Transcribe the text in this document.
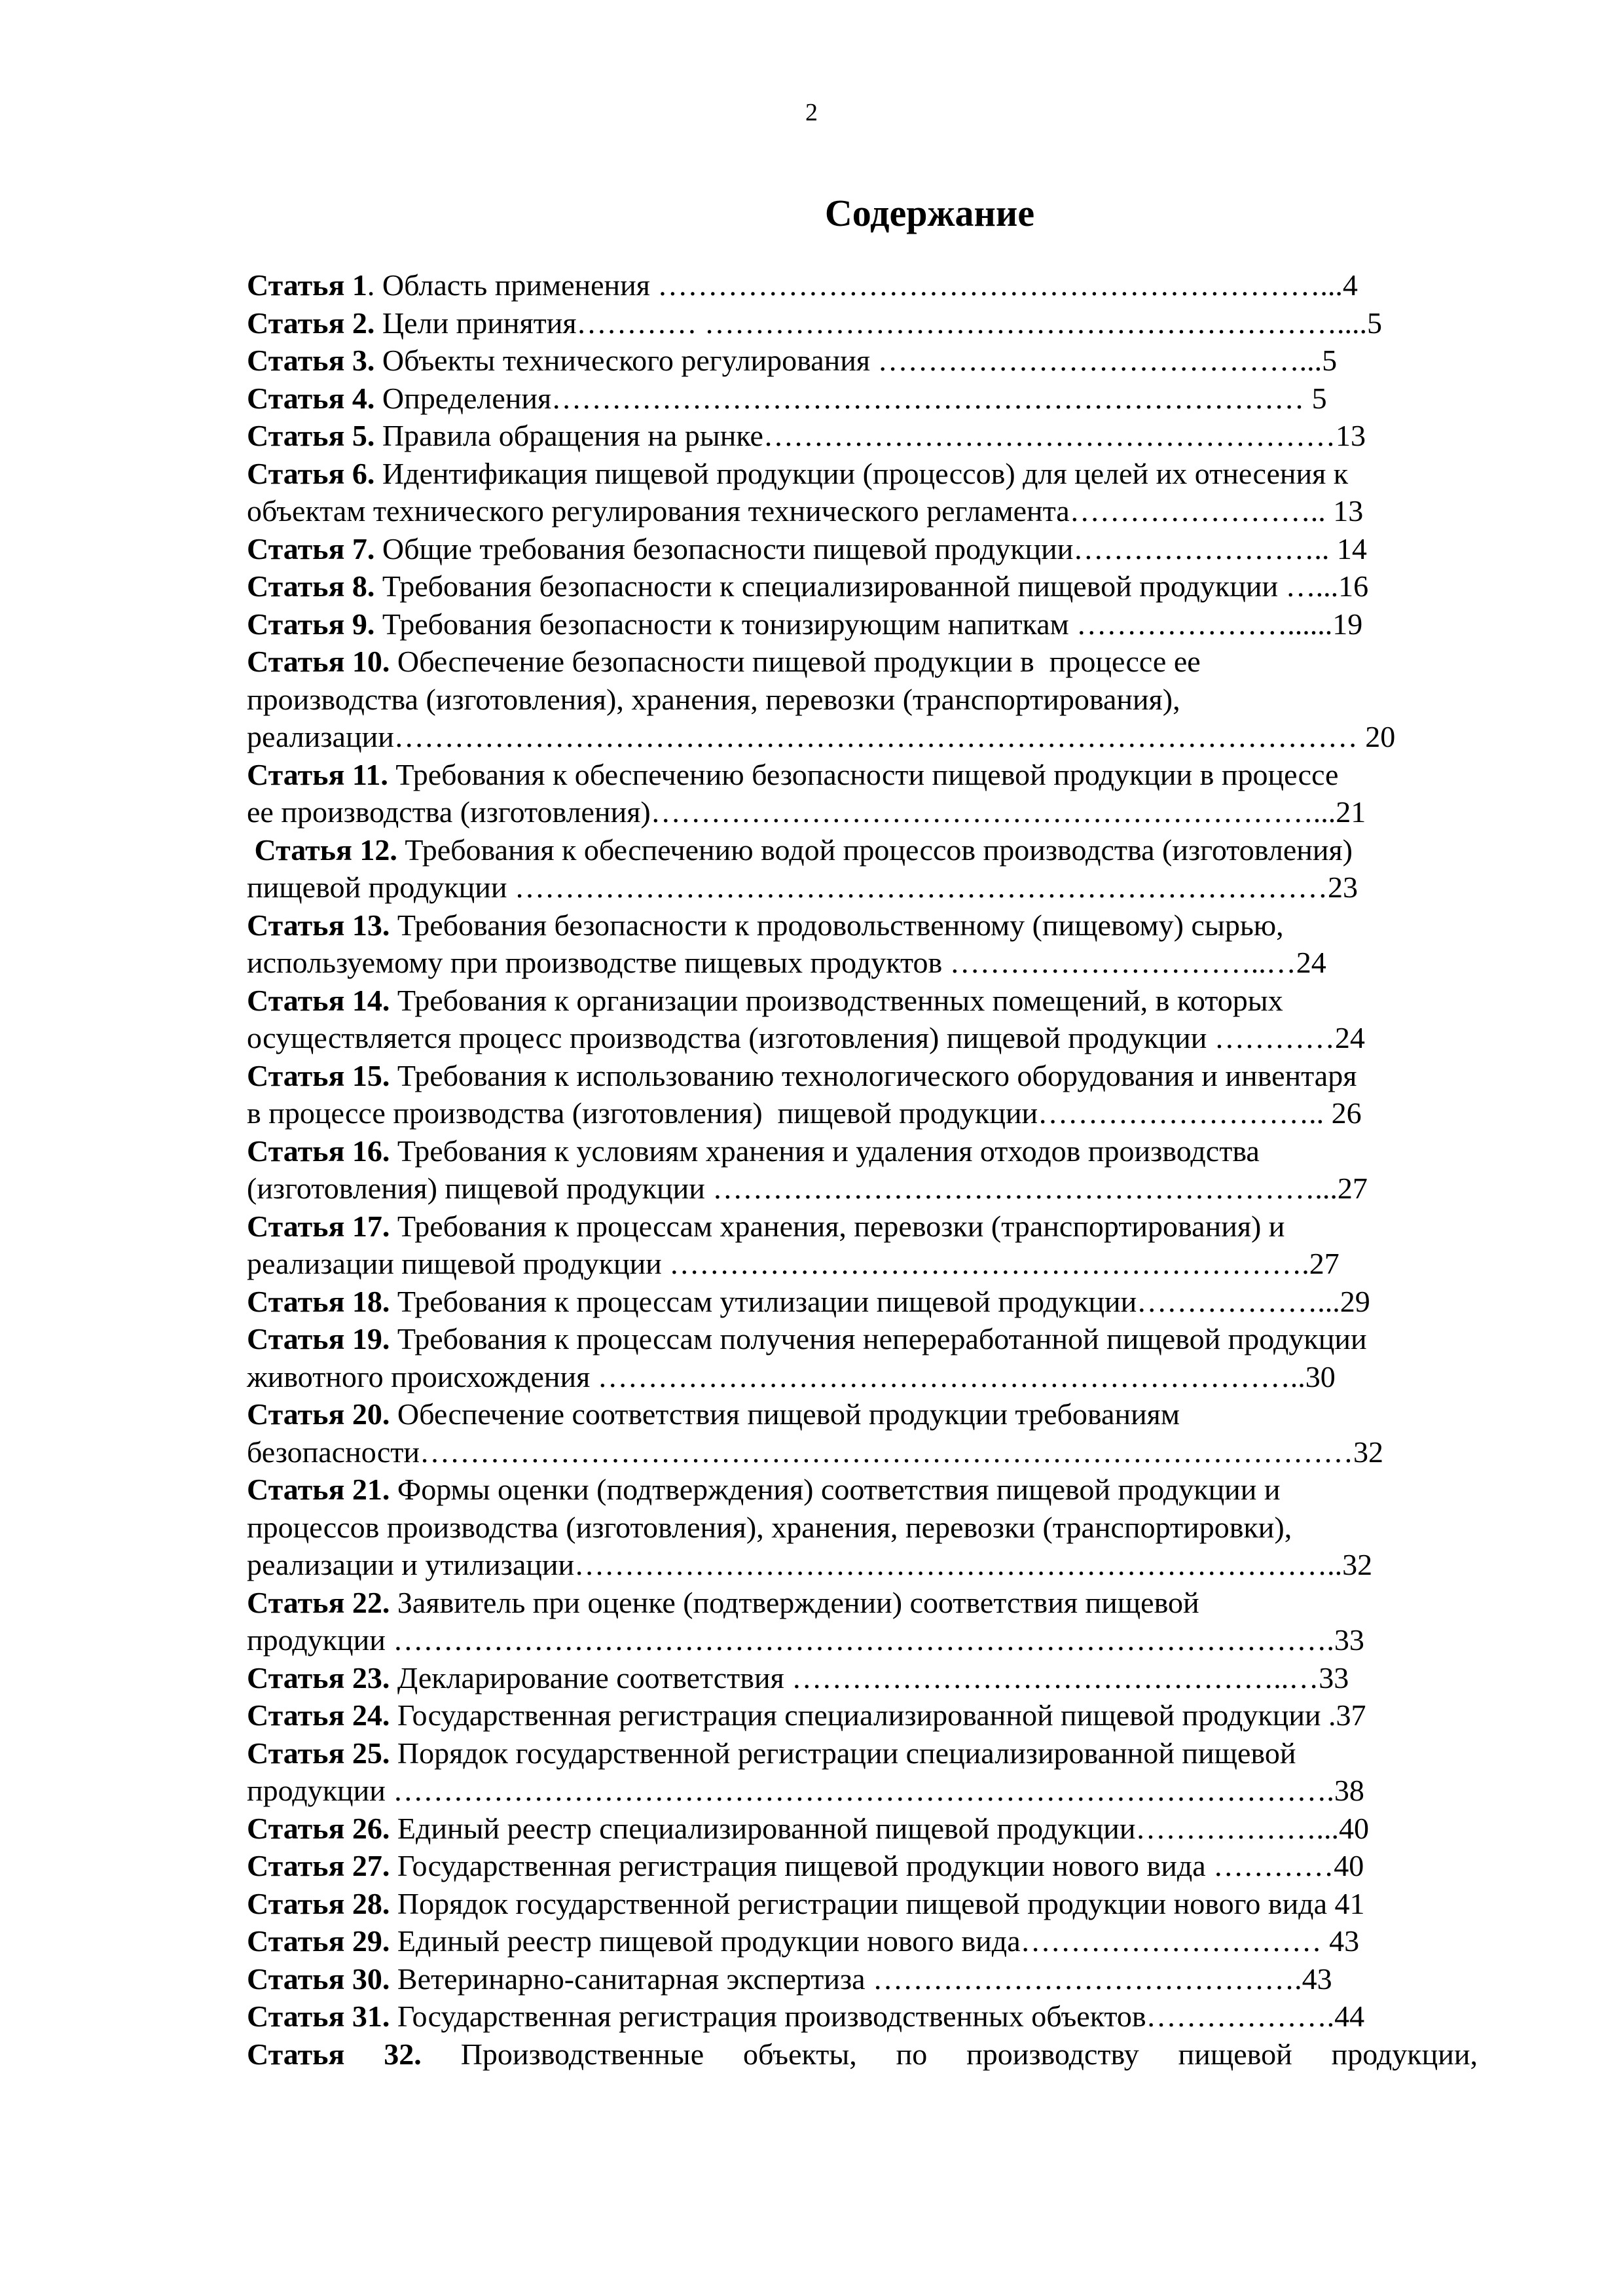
2
Содержание
Статья 1. Область применения …………………………………………………………...4
Статья 2. Цели принятия………… ………………………………………………………....5
Статья 3. Объекты технического регулирования ……………………………………...5
Статья 4. Определения………………………………………………………………… 5
Статья 5. Правила обращения на рынке…………………………………………………13
Статья 6. Идентификация пищевой продукции (процессов) для целей их отнесения к
объектам технического регулирования технического регламента…………………….. 13
Статья 7. Общие требования безопасности пищевой продукции…………………….. 14
Статья 8. Требования безопасности к специализированной пищевой продукции …...16
Статья 9. Требования безопасности к тонизирующим напиткам …………………......19
Статья 10. Обеспечение безопасности пищевой продукции в  процессе ее
производства (изготовления), хранения, перевозки (транспортирования),
реализации…………………………………………………………………………………… 20
Статья 11. Требования к обеспечению безопасности пищевой продукции в процессе
ее производства (изготовления)…………………………………………………………...21
Статья 12. Требования к обеспечению водой процессов производства (изготовления)
пищевой продукции ………………………………………………………………………23
Статья 13. Требования безопасности к продовольственному (пищевому) сырью,
используемому при производстве пищевых продуктов …………………………..…24
Статья 14. Требования к организации производственных помещений, в которых
осуществляется процесс производства (изготовления) пищевой продукции …………24
Статья 15. Требования к использованию технологического оборудования и инвентаря
в процессе производства (изготовления)  пищевой продукции……………………….. 26
Статья 16. Требования к условиям хранения и удаления отходов производства
(изготовления) пищевой продукции ……………………………………………………...27
Статья 17. Требования к процессам хранения, перевозки (транспортирования) и
реализации пищевой продукции ……………………………………………………….27
Статья 18. Требования к процессам утилизации пищевой продукции………………...29
Статья 19. Требования к процессам получения непереработанной пищевой продукции
животного происхождения ……………………………………………………………..30
Статья 20. Обеспечение соответствия пищевой продукции требованиям
безопасности…………………………………………………………………………………32
Статья 21. Формы оценки (подтверждения) соответствия пищевой продукции и
процессов производства (изготовления), хранения, перевозки (транспортировки),
реализации и утилизации…………………………………………………………………..32
Статья 22. Заявитель при оценке (подтверждении) соответствия пищевой
продукции ………………………………………………………………………………….33
Статья 23. Декларирование соответствия …………………………………………..…33
Статья 24. Государственная регистрация специализированной пищевой продукции .37
Статья 25. Порядок государственной регистрации специализированной пищевой
продукции ………………………………………………………………………………….38
Статья 26. Единый реестр специализированной пищевой продукции………………...40
Статья 27. Государственная регистрация пищевой продукции нового вида …………40
Статья 28. Порядок государственной регистрации пищевой продукции нового вида 41
Статья 29. Единый реестр пищевой продукции нового вида………………………… 43
Статья 30. Ветеринарно-санитарная экспертиза …………………………………….43
Статья 31. Государственная регистрация производственных объектов……………….44
Статья 32. Производственные объекты, по производству пищевой продукции,
